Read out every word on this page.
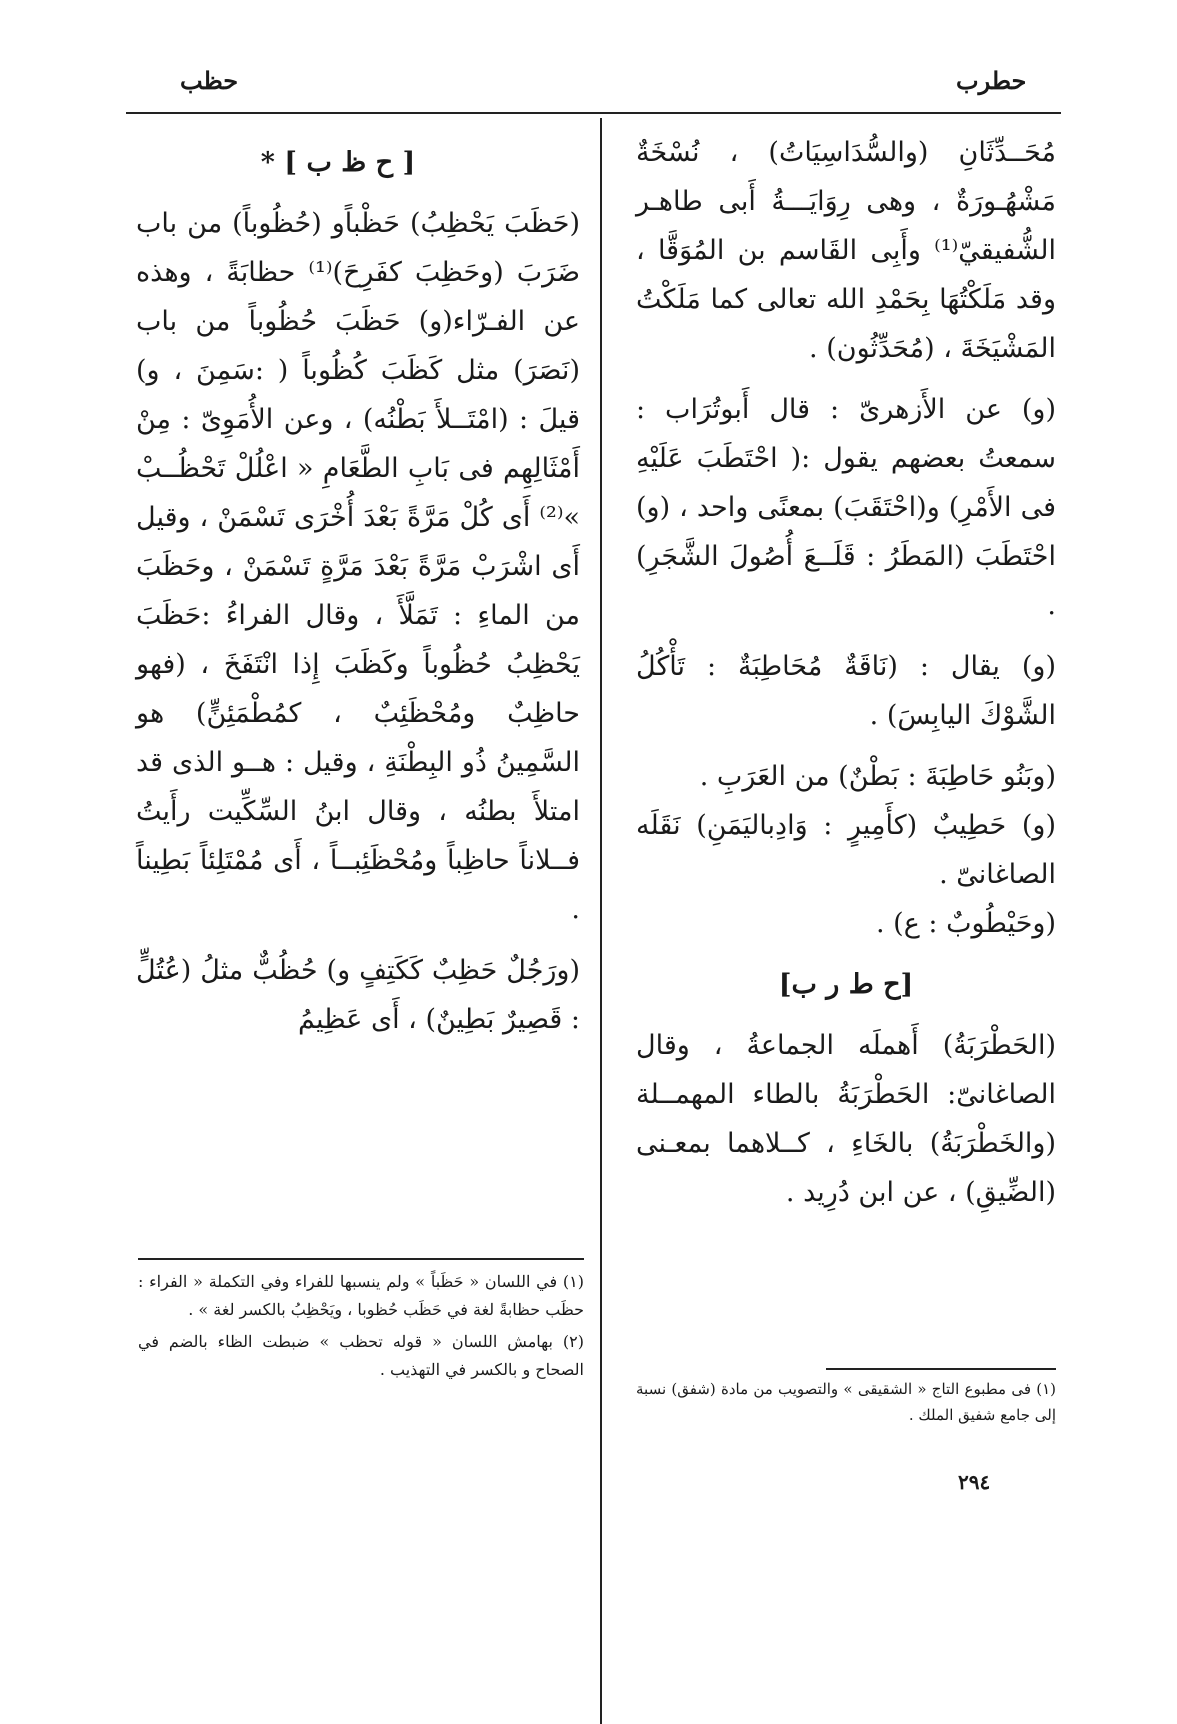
حطرب
حظب

مُحَــدِّثَانِ (والسُّدَاسِيَاتُ) ، نُسْخَةٌ مَشْهُـورَةٌ ، وهى رِوَايَـــةُ أَبى طاهـر الشُّفيقيّ⁽¹⁾ وأَبِى القَاسم بن المُوَقَّا ، وقد مَلَكْتُهَا بِحَمْدِ الله تعالى كما مَلَكْتُ المَشْيَخَةَ ، (مُحَدِّثُون) .

(و) عن الأَزهرىّ : قال أَبوتُرَاب : سمعتُ بعضهم يقول :( احْتَطَبَ عَلَيْهِ فى الأَمْرِ) و(احْتَقَبَ) بمعنًى واحد ، (و) احْتَطَبَ (المَطَرُ : قَلَــعَ أُصُولَ الشَّجَرِ) .

(و) يقال : (نَاقَةٌ مُحَاطِبَةٌ : تَأْكُلُ الشَّوْكَ اليابِسَ) .

(وبَنُو حَاطِبَةَ : بَطْنٌ) من العَرَبِ .

(و) حَطِيبٌ (كأَمِيرٍ : وَادِباليَمَنِ) نَقَلَه الصاغانىّ .

(وحَيْطُوبٌ : ع) .

[ح ط ر ب]

(الحَطْرَبَةُ) أَهملَه الجماعةُ ، وقال الصاغانىّ: الحَطْرَبَةُ بالطاء المهمــلة (والخَطْرَبَةُ) بالخَاءِ ، كــلاهما بمعـنى (الضِّيقِ) ، عن ابن دُرِيد .

[ ح ظ ب ] *

(حَظَبَ يَحْظِبُ) حَظْباًو (حُظُوباً) من باب ضَرَبَ (وحَظِبَ كفَرِحَ)⁽¹⁾ حظابَةً ، وهذه عن الفـرّاء(و) حَظَبَ حُظُوباً من باب (نَصَرَ) مثل كَظَبَ كُظُوباً ( :سَمِنَ ، و) قيلَ : (امْتَــلأَ بَطْنُه) ، وعن الأُمَوِىّ : مِنْ أَمْثَالِهِم فى بَابِ الطَّعَامِ « اعْلُلْ تَحْظُــبْ »⁽²⁾ أَى كُلْ مَرَّةً بَعْدَ أُخْرَى تَسْمَنْ ، وقيل أَى اشْرَبْ مَرَّةً بَعْدَ مَرَّةٍ تَسْمَنْ ، وحَظَبَ من الماءِ : تَمَلَّأَ ، وقال الفراءُ :حَظَبَ يَحْظِبُ حُظُوباً وكَظَبَ إِذا انْتَفَخَ ، (فهو حاظِبٌ ومُحْظَئِبٌ ، كمُطْمَئِنٍّ) هو السَّمِينُ ذُو البِطْنَةِ ، وقيل : هــو الذى قد امتلأَ بطنُه ، وقال ابنُ السِّكِّيت رأَيتُ فــلاناً حاظِباً ومُحْظَئِبــاً ، أَى مُمْتَلِئاً بَطِيناً .

(ورَجُلٌ حَظِبٌ كَكَتِفٍ و) حُظُبٌّ مثلُ (عُتُلٍّ : قَصِيرٌ بَطِينٌ) ، أَى عَظِيمُ

(١) في اللسان « حَظَباً » ولم ينسبها للفراء وفي التكملة « الفراء : حظَب حظابةً لغة في حَظَب حُظوبا ، ويَحْظِبُ بالكسر لغة » .

(٢) بهامش اللسان « قوله تحظب » ضبطت الظاء بالضم في الصحاح و بالكسر في التهذيب .

(١) فى مطبوع التاج « الشقيقى » والتصويب من مادة (شفق) نسبة إلى جامع شفيق الملك .

٢٩٤
